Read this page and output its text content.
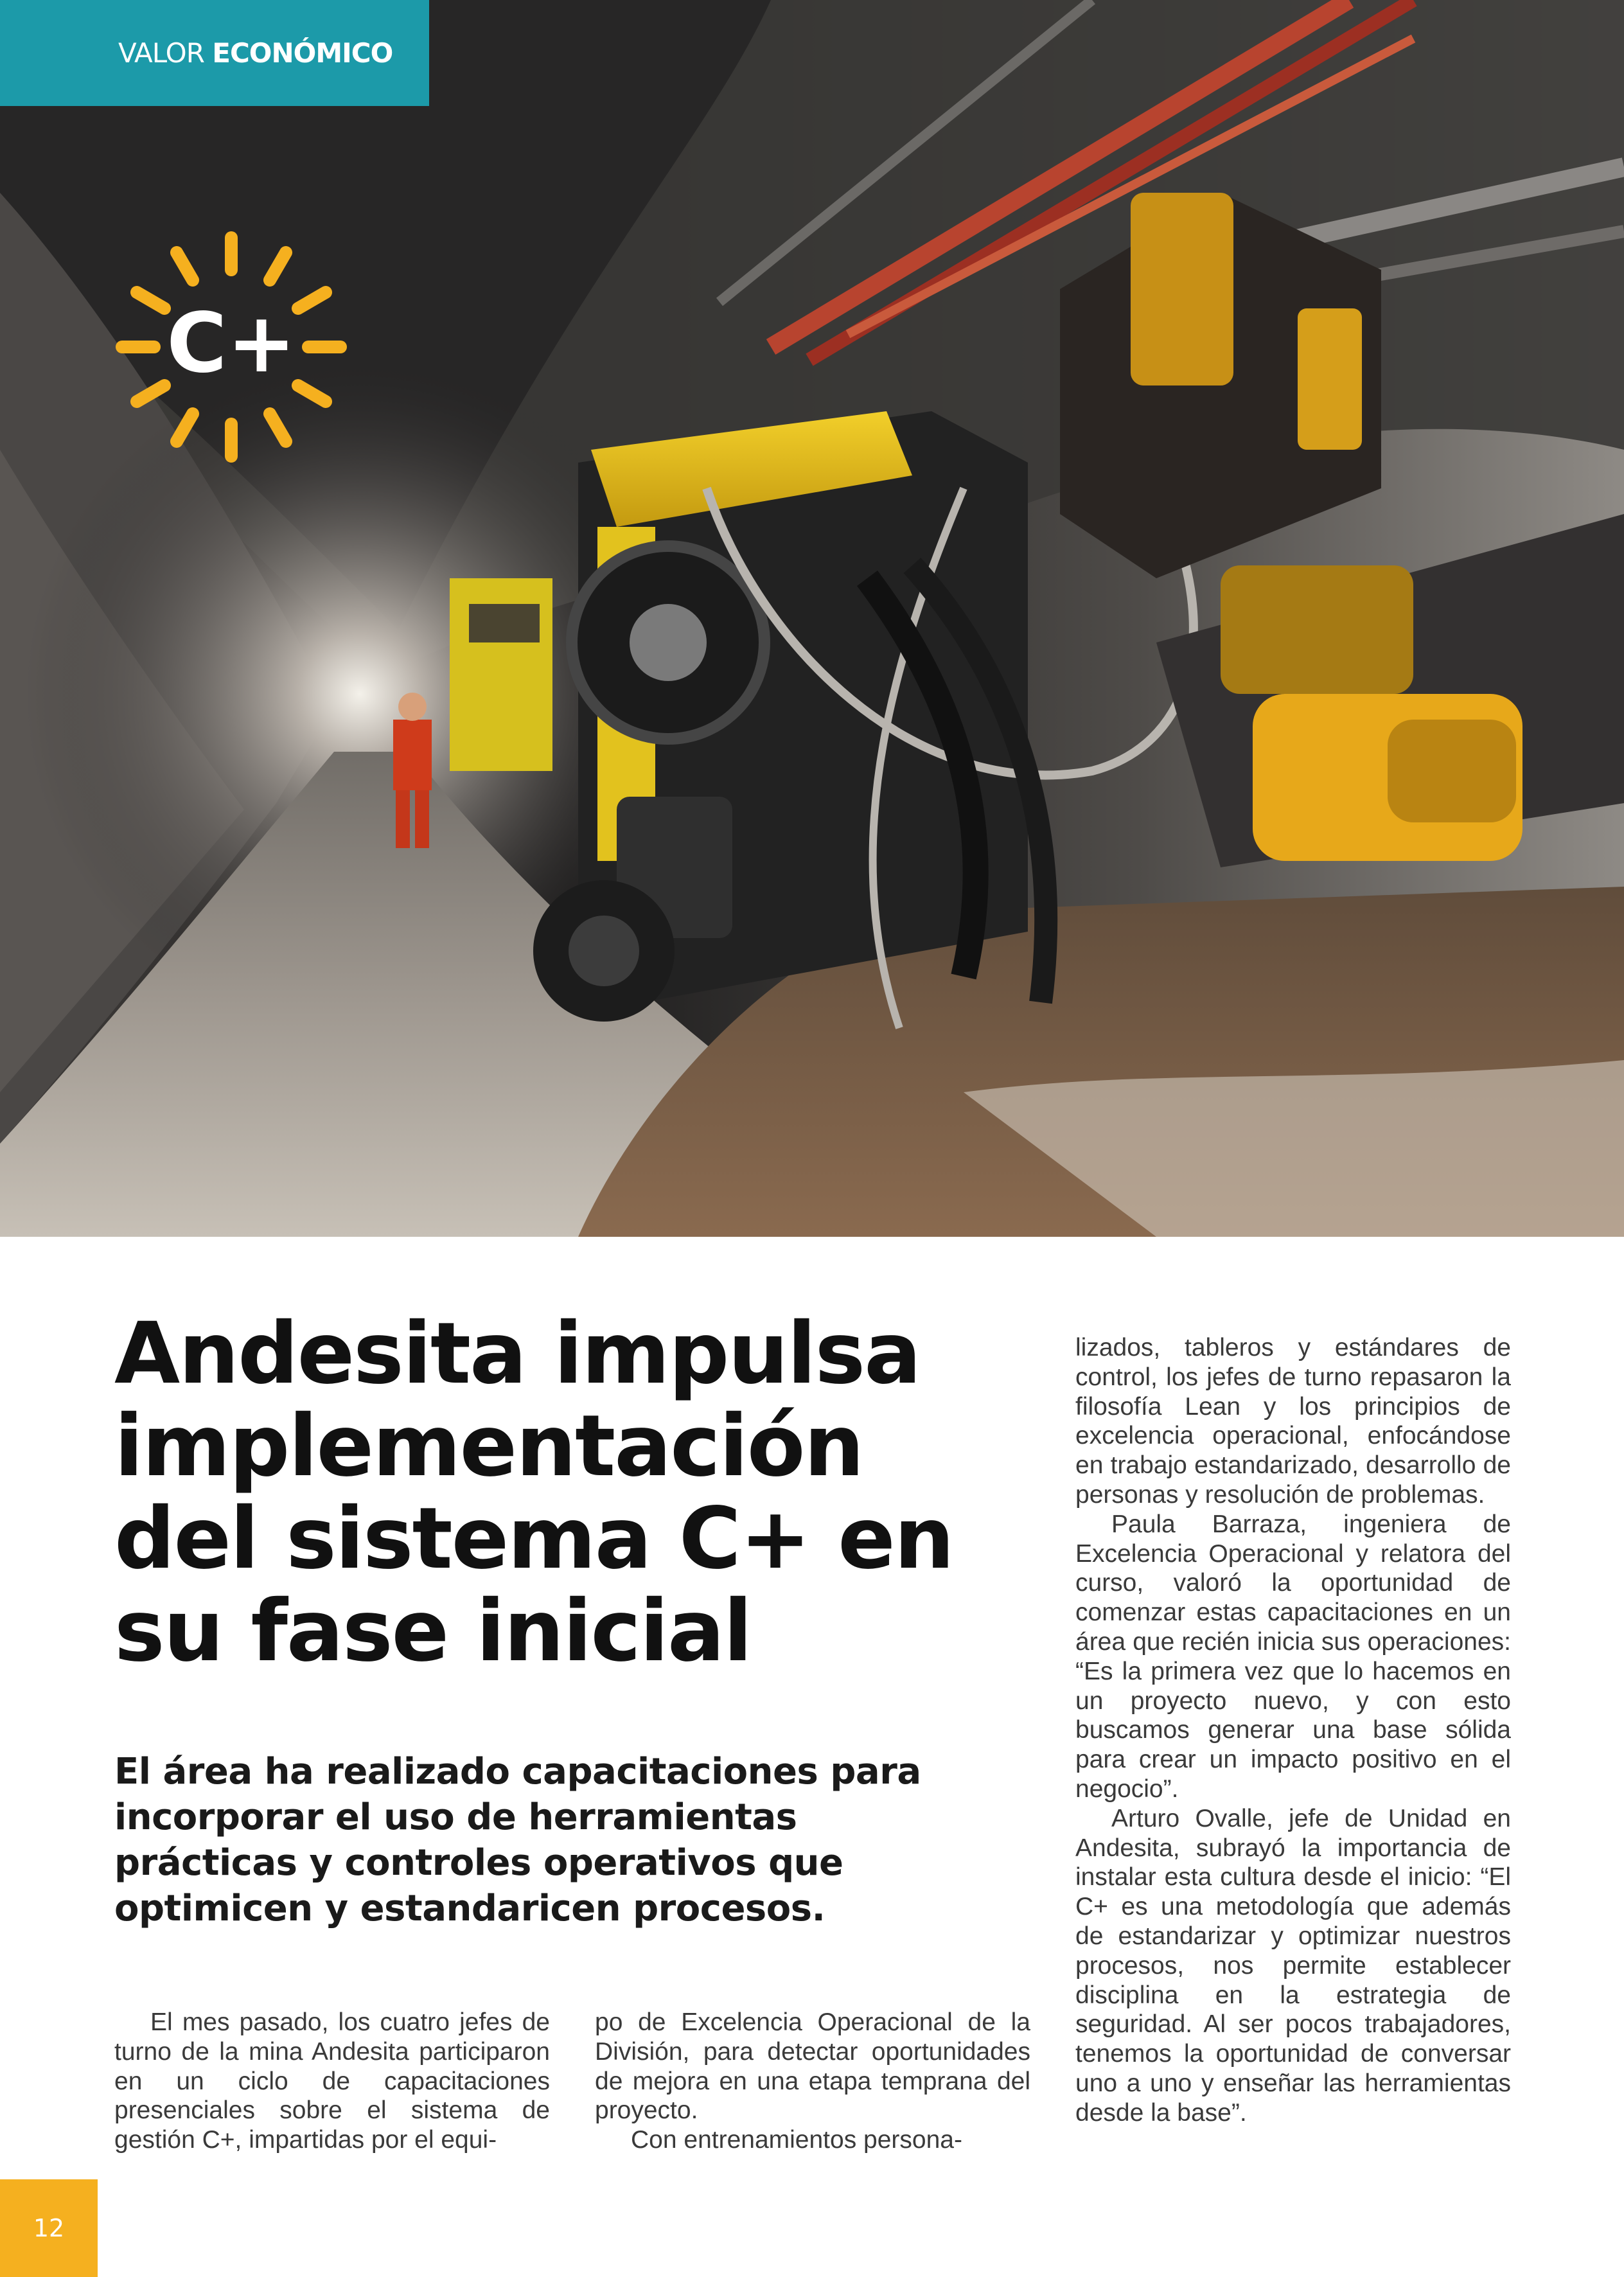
VALOR ECONÓMICO
C+
Andesita impulsa implementación del sistema C+ en su fase inicial
El área ha realizado capacitaciones para incorporar el uso de herramientas prácticas y controles operativos que optimicen y estandaricen procesos.

El mes pasado, los cuatro jefes de turno de la mina Andesita participaron en un ciclo de capacitaciones presenciales sobre el sistema de gestión C+, impartidas por el equi-

po de Excelencia Operacional de la División, para detectar oportunidades de mejora en una etapa temprana del proyecto.

Con entrenamientos persona-

lizados, tableros y estándares de control, los jefes de turno repasaron la filosofía Lean y los principios de excelencia operacional, enfocándose en trabajo estandarizado, desarrollo de personas y resolución de problemas.

Paula Barraza, ingeniera de Excelencia Operacional y relatora del curso, valoró la oportunidad de comenzar estas capacitaciones en un área que recién inicia sus operaciones: “Es la primera vez que lo hacemos en un proyecto nuevo, y con esto buscamos generar una base sólida para crear un impacto positivo en el negocio”.

Arturo Ovalle, jefe de Unidad en Andesita, subrayó la importancia de instalar esta cultura desde el inicio: “El C+ es una metodología que además de estandarizar y optimizar nuestros procesos, nos permite establecer disciplina en la estrategia de seguridad. Al ser pocos trabajadores, tenemos la oportunidad de conversar uno a uno y enseñar las herramientas desde la base”.

12
